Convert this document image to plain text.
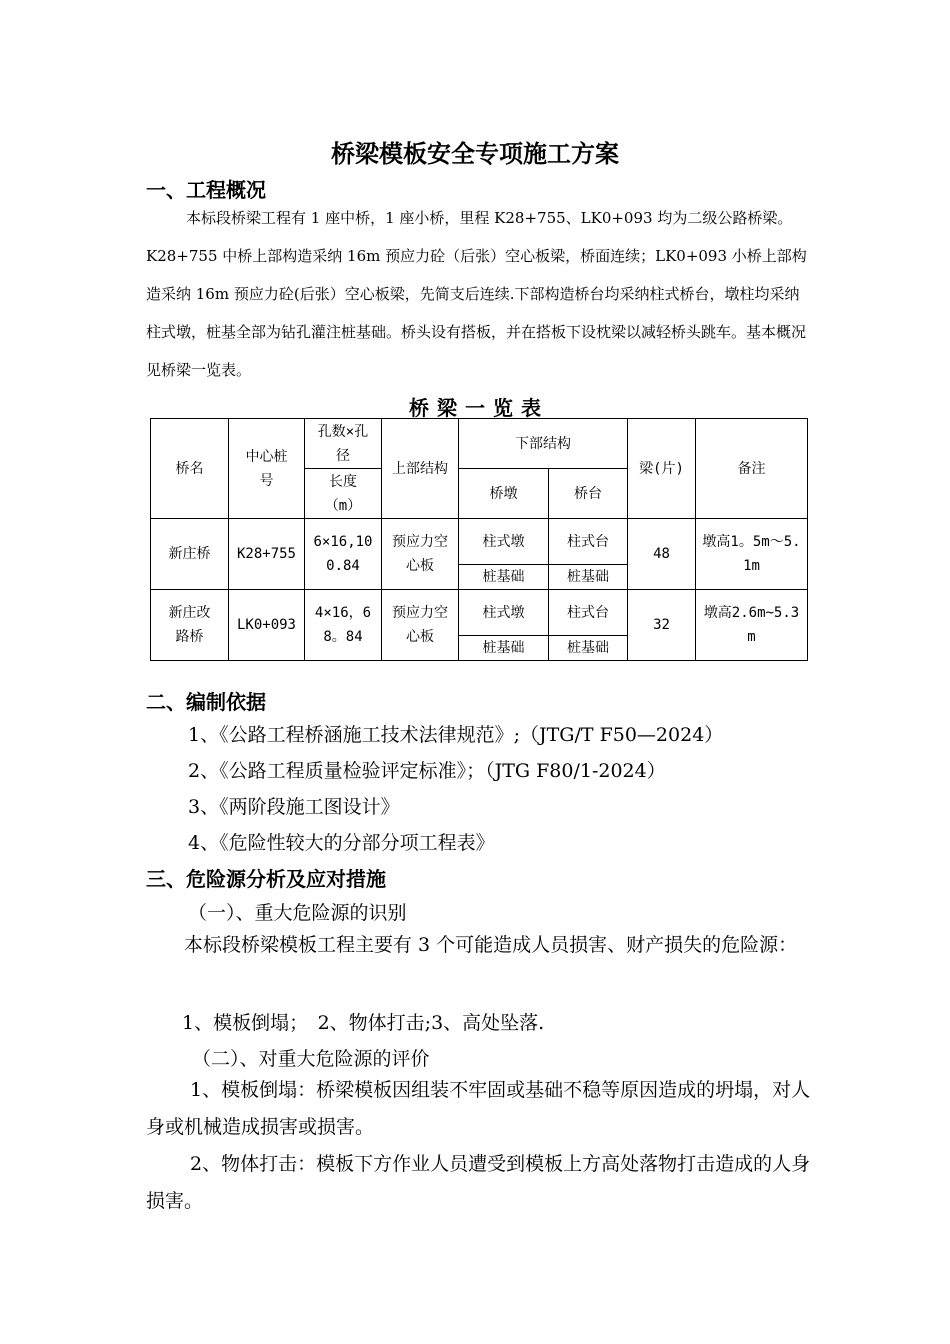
桥梁模板安全专项施工方案
一、工程概况

本标段桥梁工程有 1 座中桥，1 座小桥，里程 K28+755、LK0+093 均为二级公路桥梁。K28+755 中桥上部构造采纳 16m 预应力砼（后张）空心板梁，桥面连续；LK0+093 小桥上部构造采纳 16m 预应力砼(后张）空心板梁，先简支后连续.下部构造桥台均采纳柱式桥台，墩柱均采纳柱式墩，桩基全部为钻孔灌注桩基础。桥头设有搭板，并在搭板下设枕梁以减轻桥头跳车。基本概况见桥梁一览表。

桥梁一览表
桥名	中心桩号	孔数×孔径	上部结构	下部结构		梁(片)	备注

		长度（m）		桥墩	桥台		
新庄桥	K28+755	6×16,100.84	预应力空心板	柱式墩	柱式台	48	墩高1。5m～5.1m

				桩基础	桩基础		

新庄改路桥	LK0+093	4×16，68。84	预应力空心板	柱式墩	柱式台	32	墩高2.6m~5.3m

				桩基础	桩基础		
二、编制依据
1、《公路工程桥涵施工技术法律规范》;（JTG/T F50—2024）
2、《公路工程质量检验评定标准》；（JTG F80/1-2024）
3、《两阶段施工图设计》
4、《危险性较大的分部分项工程表》
三、危险源分析及应对措施
（一）、重大危险源的识别

本标段桥梁模板工程主要有 3 个可能造成人员损害、财产损失的危险源：

1、模板倒塌；　2、物体打击;3、高处坠落.
（二）、对重大危险源的评价

1、模板倒塌：桥梁模板因组装不牢固或基础不稳等原因造成的坍塌，对人身或机械造成损害或损害。

2、物体打击：模板下方作业人员遭受到模板上方高处落物打击造成的人身损害。
